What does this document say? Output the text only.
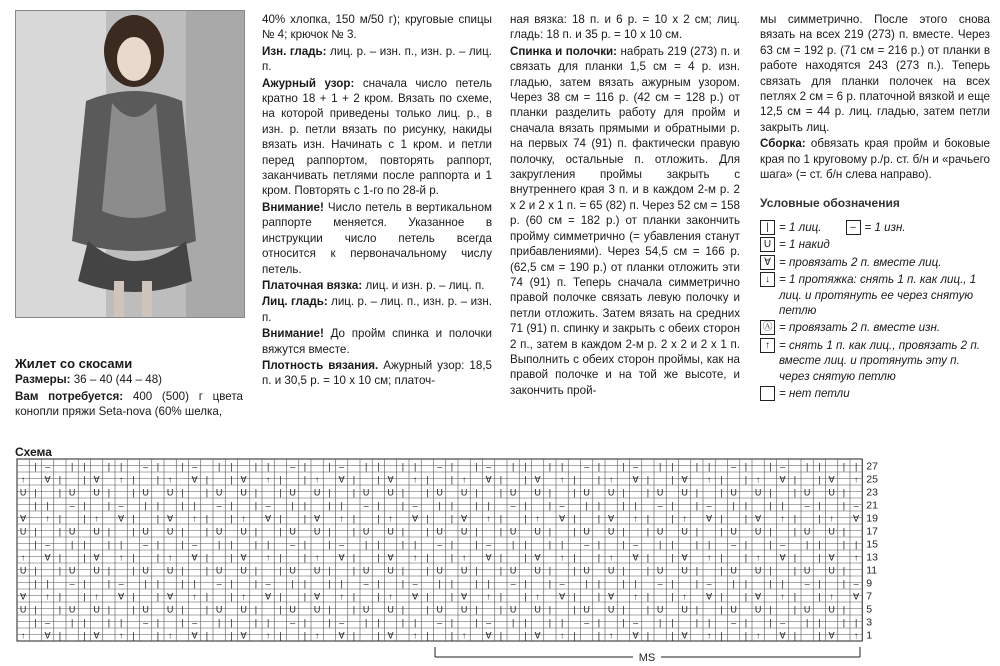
Жилет со скосами

Размеры: 36 – 40 (44 – 48)

Вам потребуется: 400 (500) г цвета конопли пряжи Seta-nova (60% шелка,

40% хлопка, 150 м/50 г); круговые спицы № 4; крючок № 3.

Изн. гладь: лиц. р. – изн. п., изн. р. – лиц. п.

Ажурный узор: сначала число петель кратно 18 + 1 + 2 кром. Вязать по схеме, на которой приведены только лиц. р., в изн. р. петли вязать по рисунку, накиды вязать изн. Начинать с 1 кром. и петли перед раппортом, повторять раппорт, заканчивать петлями после раппорта и 1 кром. Повторять с 1-го по 28-й р.

Внимание! Число петель в вертикальном раппорте меняется. Указанное в инструкции число петель всегда относится к первоначальному числу петель.

Платочная вязка: лиц. и изн. р. – лиц. п.

Лиц. гладь: лиц. р. – лиц. п., изн. р. – изн. п.

Внимание! До пройм спинка и полочки вяжутся вместе.

Плотность вязания. Ажурный узор: 18,5 п. и 30,5 р. = 10 х 10 см; платоч-

ная вязка: 18 п. и 6 р. = 10 х 2 см; лиц. гладь: 18 п. и 35 р. = 10 х 10 см.

Спинка и полочки: набрать 219 (273) п. и связать для планки 1,5 см = 4 р. изн. гладью, затем вязать ажурным узором. Через 38 см = 116 р. (42 см = 128 р.) от планки разделить работу для пройм и сначала вязать прямыми и обратными р. на первых 74 (91) п. фактически правую полочку, остальные п. отложить. Для закругления проймы закрыть с внутреннего края 3 п. и в каждом 2-м р. 2 х 2 и 2 х 1 п. = 65 (82) п. Через 52 см = 158 р. (60 см = 182 р.) от планки закончить пройму симметрично (= убавления станут прибавлениями). Через 54,5 см = 166 р. (62,5 см = 190 р.) от планки отложить эти 74 (91) п. Теперь сначала симметрично правой полочке связать левую полочку и петли отложить. Затем вязать на средних 71 (91) п. спинку и закрыть с обеих сторон 2 п., затем в каждом 2-м р. 2 х 2 и 2 х 1 п. Выполнить с обеих сторон проймы, как на правой полочке и на той же высоте, и закончить прой-

мы симметрично. После этого снова вязать на всех 219 (273) п. вместе. Через 63 см = 192 р. (71 см = 216 р.) от планки в работе находятся 243 (273 п.). Теперь связать для планки полочек на всех петлях 2 см = 6 р. платочной вязкой и еще 12,5 см = 44 р. лиц. гладью, затем петли закрыть лиц.

Сборка: обвязать края пройм и боковые края по 1 круговому р./р. ст. б/н и «рачьего шага» (= ст. б/н слева направо).

Условные обозначения
| = 1 лиц.	– = 1 изн.
U = 1 накид
∀ = провязать 2 п. вместе лиц.
↓ = 1 протяжка: снять 1 п. как лиц., 1 лиц. и протянуть ее через снятую петлю
Ⓐ = провязать 2 п. вместе изн.
↑ = снять 1 п. как лиц., провязать 2 п. вместе лиц. и протянуть эту п. через снятую петлю
= нет петли
Схема
| – | | | | – | | – | | | | – | | – | | | | – | | – | | | | – | | – | | | | – | | – | | | |
↑ ∀ | | ∀ ↑ | | ↑ ∀ | | ∀ ↑ | | ↑ ∀ | | ∀ ↑ | | ↑ ∀ | | ∀ ↑ | | ↑ ∀ | | ∀ ↑ | | ↑ ∀ | | ∀ ↑
U | | U U | | U U | | U U | | U U | | U U | | U U | | U U | | U U | | U U | | U U | | U U |
| | – | | – | | | | – | | – | | | | – | | – | | | | – | | – | | | | – | | – | | | | – | | –
∀ ↑ | | ↑ ∀ | | ∀ ↑ | | ↑ ∀ | | ∀ ↑ | | ↑ ∀ | | ∀ ↑ | | ↑ ∀ | | ∀ ↑ | | ↑ ∀ | | ∀ ↑ | | ↑ ∀
U | | U U | | U U | | U U | | U U | | U U | | U U | | U U | | U U | | U U | | U U | | U U |
| – | | | | – | | – | | | | – | | – | | | | – | | – | | | | – | | – | | | | – | | – | | | |
↑ ∀ | | ∀ ↑ | | ↑ ∀ | | ∀ ↑ | | ↑ ∀ | | ∀ ↑ | | ↑ ∀ | | ∀ ↑ | | ↑ ∀ | | ∀ ↑ | | ↑ ∀ | | ∀ ↑
U | | U U | | U U | | U U | | U U | | U U | | U U | | U U | | U U | | U U | | U U | | U U |
| | – | | – | | | | – | | – | | | | – | | – | | | | – | | – | | | | – | | – | | | | – | | –
∀ ↑ | | ↑ ∀ | | ∀ ↑ | | ↑ ∀ | | ∀ ↑ | | ↑ ∀ | | ∀ ↑ | | ↑ ∀ | | ∀ ↑ | | ↑ ∀ | | ∀ ↑ | | ↑ ∀
U | | U U | | U U | | U U | | U U | | U U | | U U | | U U | | U U | | U U | | U U | | U U |
| – | | | | – | | – | | | | – | | – | | | | – | | – | | | | – | | – | | | | – | | – | | | |
↑ ∀ | | ∀ ↑ | | ↑ ∀ | | ∀ ↑ | | ↑ ∀ | | ∀ ↑ | | ↑ ∀ | | ∀ ↑ | | ↑ ∀ | | ∀ ↑ | | ↑ ∀ | | ∀ ↑
27
25
23
21
19
17
15
13
11
9
7
5
3
1
MS
